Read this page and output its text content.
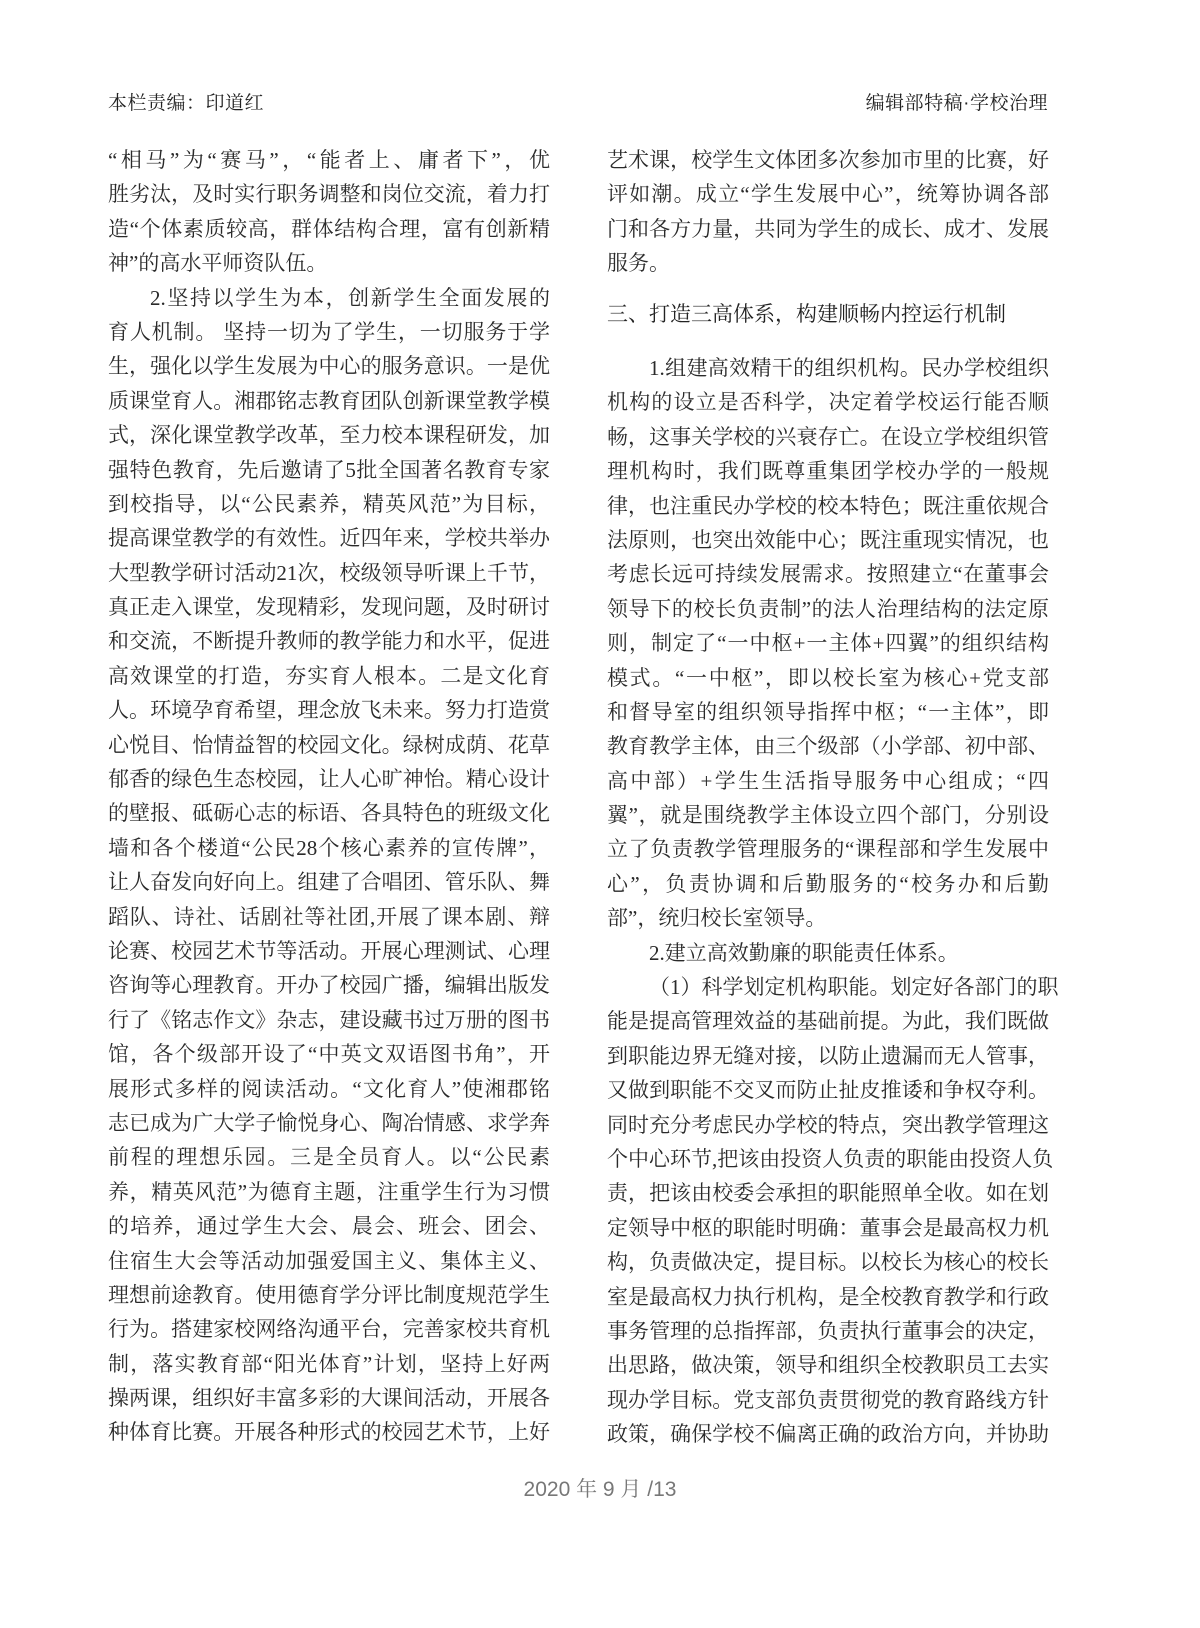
本栏责编：印道红	编辑部特稿·学校治理
“相马”为“赛马”，“能者上、庸者下”，优
胜劣汰，及时实行职务调整和岗位交流，着力打
造“个体素质较高，群体结构合理，富有创新精
神”的高水平师资队伍。
2.坚持以学生为本，创新学生全面发展的
育人机制。 坚持一切为了学生，一切服务于学
生，强化以学生发展为中心的服务意识。一是优
质课堂育人。湘郡铭志教育团队创新课堂教学模
式，深化课堂教学改革，至力校本课程研发，加
强特色教育，先后邀请了5批全国著名教育专家
到校指导，以“公民素养，精英风范”为目标，
提高课堂教学的有效性。近四年来，学校共举办
大型教学研讨活动21次，校级领导听课上千节，
真正走入课堂，发现精彩，发现问题，及时研讨
和交流，不断提升教师的教学能力和水平，促进
高效课堂的打造，夯实育人根本。二是文化育
人。环境孕育希望，理念放飞未来。努力打造赏
心悦目、怡情益智的校园文化。绿树成荫、花草
郁香的绿色生态校园，让人心旷神怡。精心设计
的壁报、砥砺心志的标语、各具特色的班级文化
墙和各个楼道“公民28个核心素养的宣传牌”，
让人奋发向好向上。组建了合唱团、管乐队、舞
蹈队、诗社、话剧社等社团,开展了课本剧、辩
论赛、校园艺术节等活动。开展心理测试、心理
咨询等心理教育。开办了校园广播，编辑出版发
行了《铭志作文》杂志，建设藏书过万册的图书
馆，各个级部开设了“中英文双语图书角”，开
展形式多样的阅读活动。“文化育人”使湘郡铭
志已成为广大学子愉悦身心、陶冶情感、求学奔
前程的理想乐园。三是全员育人。以“公民素
养，精英风范”为德育主题，注重学生行为习惯
的培养，通过学生大会、晨会、班会、团会、
住宿生大会等活动加强爱国主义、集体主义、
理想前途教育。使用德育学分评比制度规范学生
行为。搭建家校网络沟通平台，完善家校共育机
制，落实教育部“阳光体育”计划，坚持上好两
操两课，组织好丰富多彩的大课间活动，开展各
种体育比赛。开展各种形式的校园艺术节，上好
艺术课，校学生文体团多次参加市里的比赛，好
评如潮。成立“学生发展中心”，统筹协调各部
门和各方力量，共同为学生的成长、成才、发展
服务。
三、打造三高体系，构建顺畅内控运行机制
1.组建高效精干的组织机构。民办学校组织
机构的设立是否科学，决定着学校运行能否顺
畅，这事关学校的兴衰存亡。在设立学校组织管
理机构时，我们既尊重集团学校办学的一般规
律，也注重民办学校的校本特色；既注重依规合
法原则，也突出效能中心；既注重现实情况，也
考虑长远可持续发展需求。按照建立“在董事会
领导下的校长负责制”的法人治理结构的法定原
则，制定了“一中枢+一主体+四翼”的组织结构
模式。“一中枢”，即以校长室为核心+党支部
和督导室的组织领导指挥中枢；“一主体”，即
教育教学主体，由三个级部（小学部、初中部、
高中部）+学生生活指导服务中心组成；“四
翼”，就是围绕教学主体设立四个部门，分别设
立了负责教学管理服务的“课程部和学生发展中
心”，负责协调和后勤服务的“校务办和后勤
部”，统归校长室领导。
2.建立高效勤廉的职能责任体系。
（1）科学划定机构职能。划定好各部门的职
能是提高管理效益的基础前提。为此，我们既做
到职能边界无缝对接，以防止遗漏而无人管事，
又做到职能不交叉而防止扯皮推诿和争权夺利。
同时充分考虑民办学校的特点，突出教学管理这
个中心环节,把该由投资人负责的职能由投资人负
责，把该由校委会承担的职能照单全收。如在划
定领导中枢的职能时明确：董事会是最高权力机
构，负责做决定，提目标。以校长为核心的校长
室是最高权力执行机构，是全校教育教学和行政
事务管理的总指挥部，负责执行董事会的决定，
出思路，做决策，领导和组织全校教职员工去实
现办学目标。党支部负责贯彻党的教育路线方针
政策，确保学校不偏离正确的政治方向，并协助
2020 年 9 月 /13
